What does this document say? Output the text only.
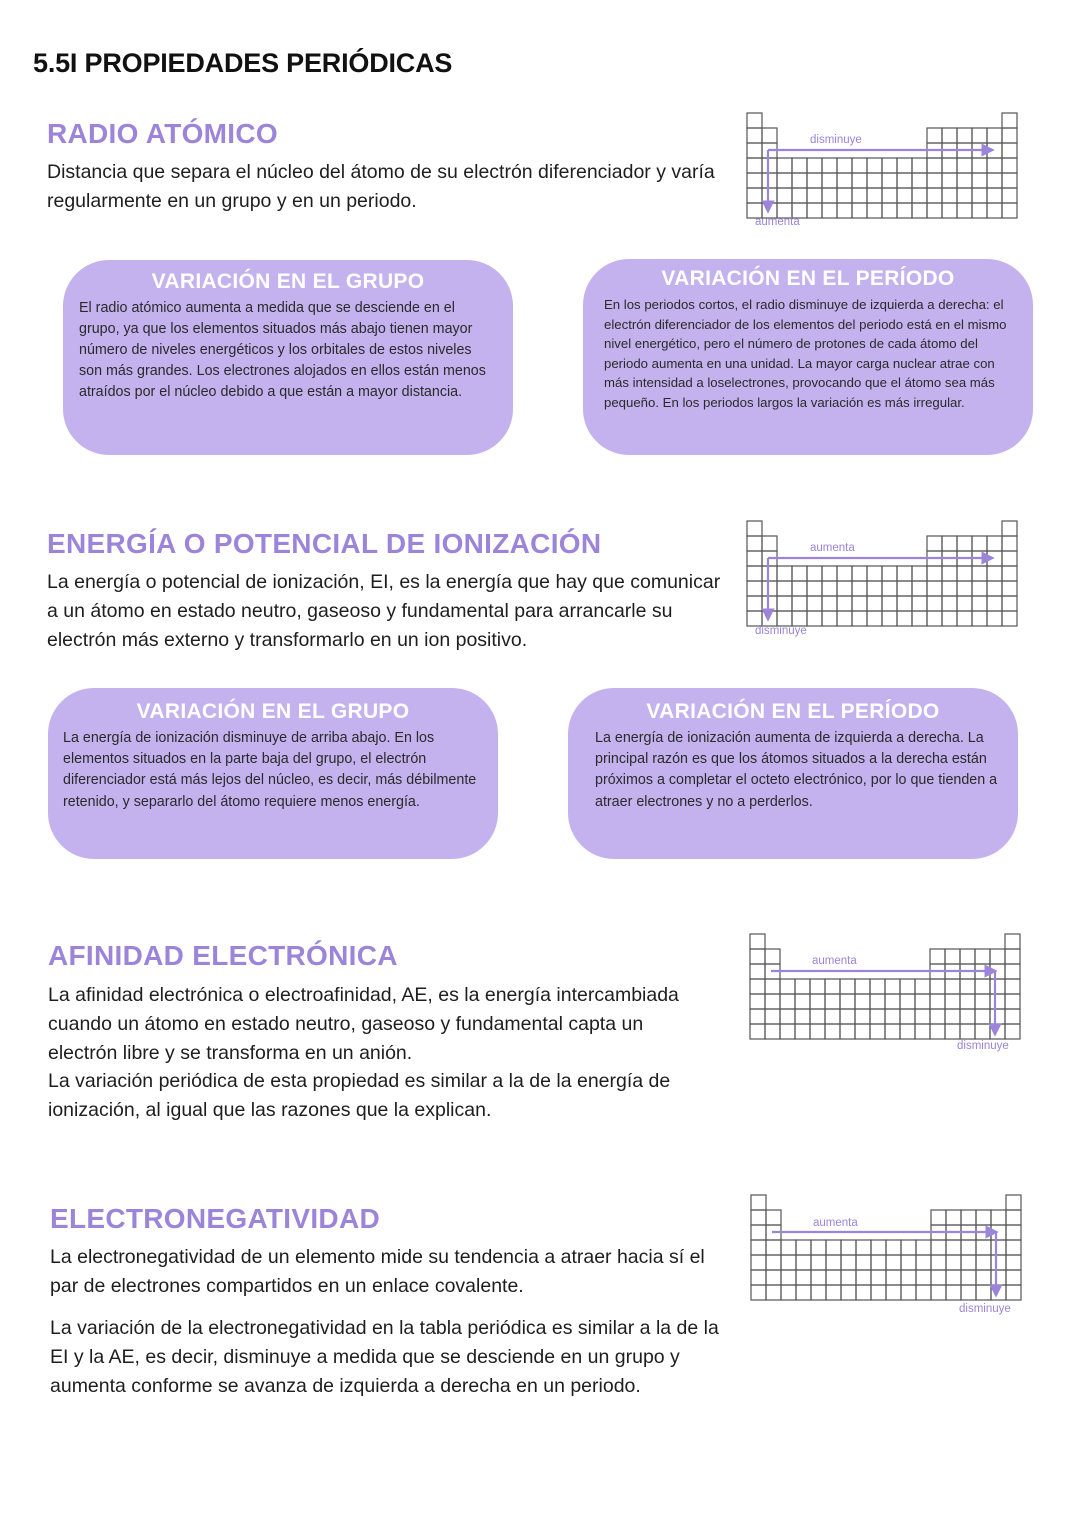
5.5I PROPIEDADES PERIÓDICAS
RADIO ATÓMICO
Distancia que separa el núcleo del átomo de su electrón diferenciador y varía regularmente en un grupo y en un periodo.
disminuye
aumenta
VARIACIÓN EN EL GRUPO
El radio atómico aumenta a medida que se desciende en el grupo, ya que los elementos situados más abajo tienen mayor número de niveles energéticos y los orbitales de estos niveles son más grandes. Los electrones alojados en ellos están menos atraídos por el núcleo debido a que están a mayor distancia.
VARIACIÓN EN EL PERÍODO
En los periodos cortos, el radio disminuye de izquierda a derecha: el electrón diferenciador de los elementos del periodo está en el mismo nivel energético, pero el número de protones de cada átomo del periodo aumenta en una unidad. La mayor carga nuclear atrae con más intensidad a loselectrones, provocando que el átomo sea más pequeño. En los periodos largos la variación es más irregular.
ENERGÍA O POTENCIAL DE IONIZACIÓN
La energía o potencial de ionización, EI, es la energía que hay que comunicar a un átomo en estado neutro, gaseoso y fundamental para arrancarle su electrón más externo y transformarlo en un ion positivo.
aumenta
disminuye
VARIACIÓN EN EL GRUPO
La energía de ionización disminuye de arriba abajo. En los elementos situados en la parte baja del grupo, el electrón diferenciador está más lejos del núcleo, es decir, más débilmente retenido, y separarlo del átomo requiere menos energía.
VARIACIÓN EN EL PERÍODO
La energía de ionización aumenta de izquierda a derecha. La principal razón es que los átomos situados a la derecha están próximos a completar el octeto electrónico, por lo que tienden a atraer electrones y no a perderlos.
AFINIDAD ELECTRÓNICA
La afinidad electrónica o electroafinidad, AE, es la energía intercambiada cuando un átomo en estado neutro, gaseoso y fundamental capta un electrón libre y se transforma en un anión.
La variación periódica de esta propiedad es similar a la de la energía de ionización, al igual que las razones que la explican.
aumenta
disminuye
ELECTRONEGATIVIDAD
La electronegatividad de un elemento mide su tendencia a atraer hacia sí el par de electrones compartidos en un enlace covalente.
La variación de la electronegatividad en la tabla periódica es similar a la de la EI y la AE, es decir, disminuye a medida que se desciende en un grupo y aumenta conforme se avanza de izquierda a derecha en un periodo.
aumenta
disminuye
